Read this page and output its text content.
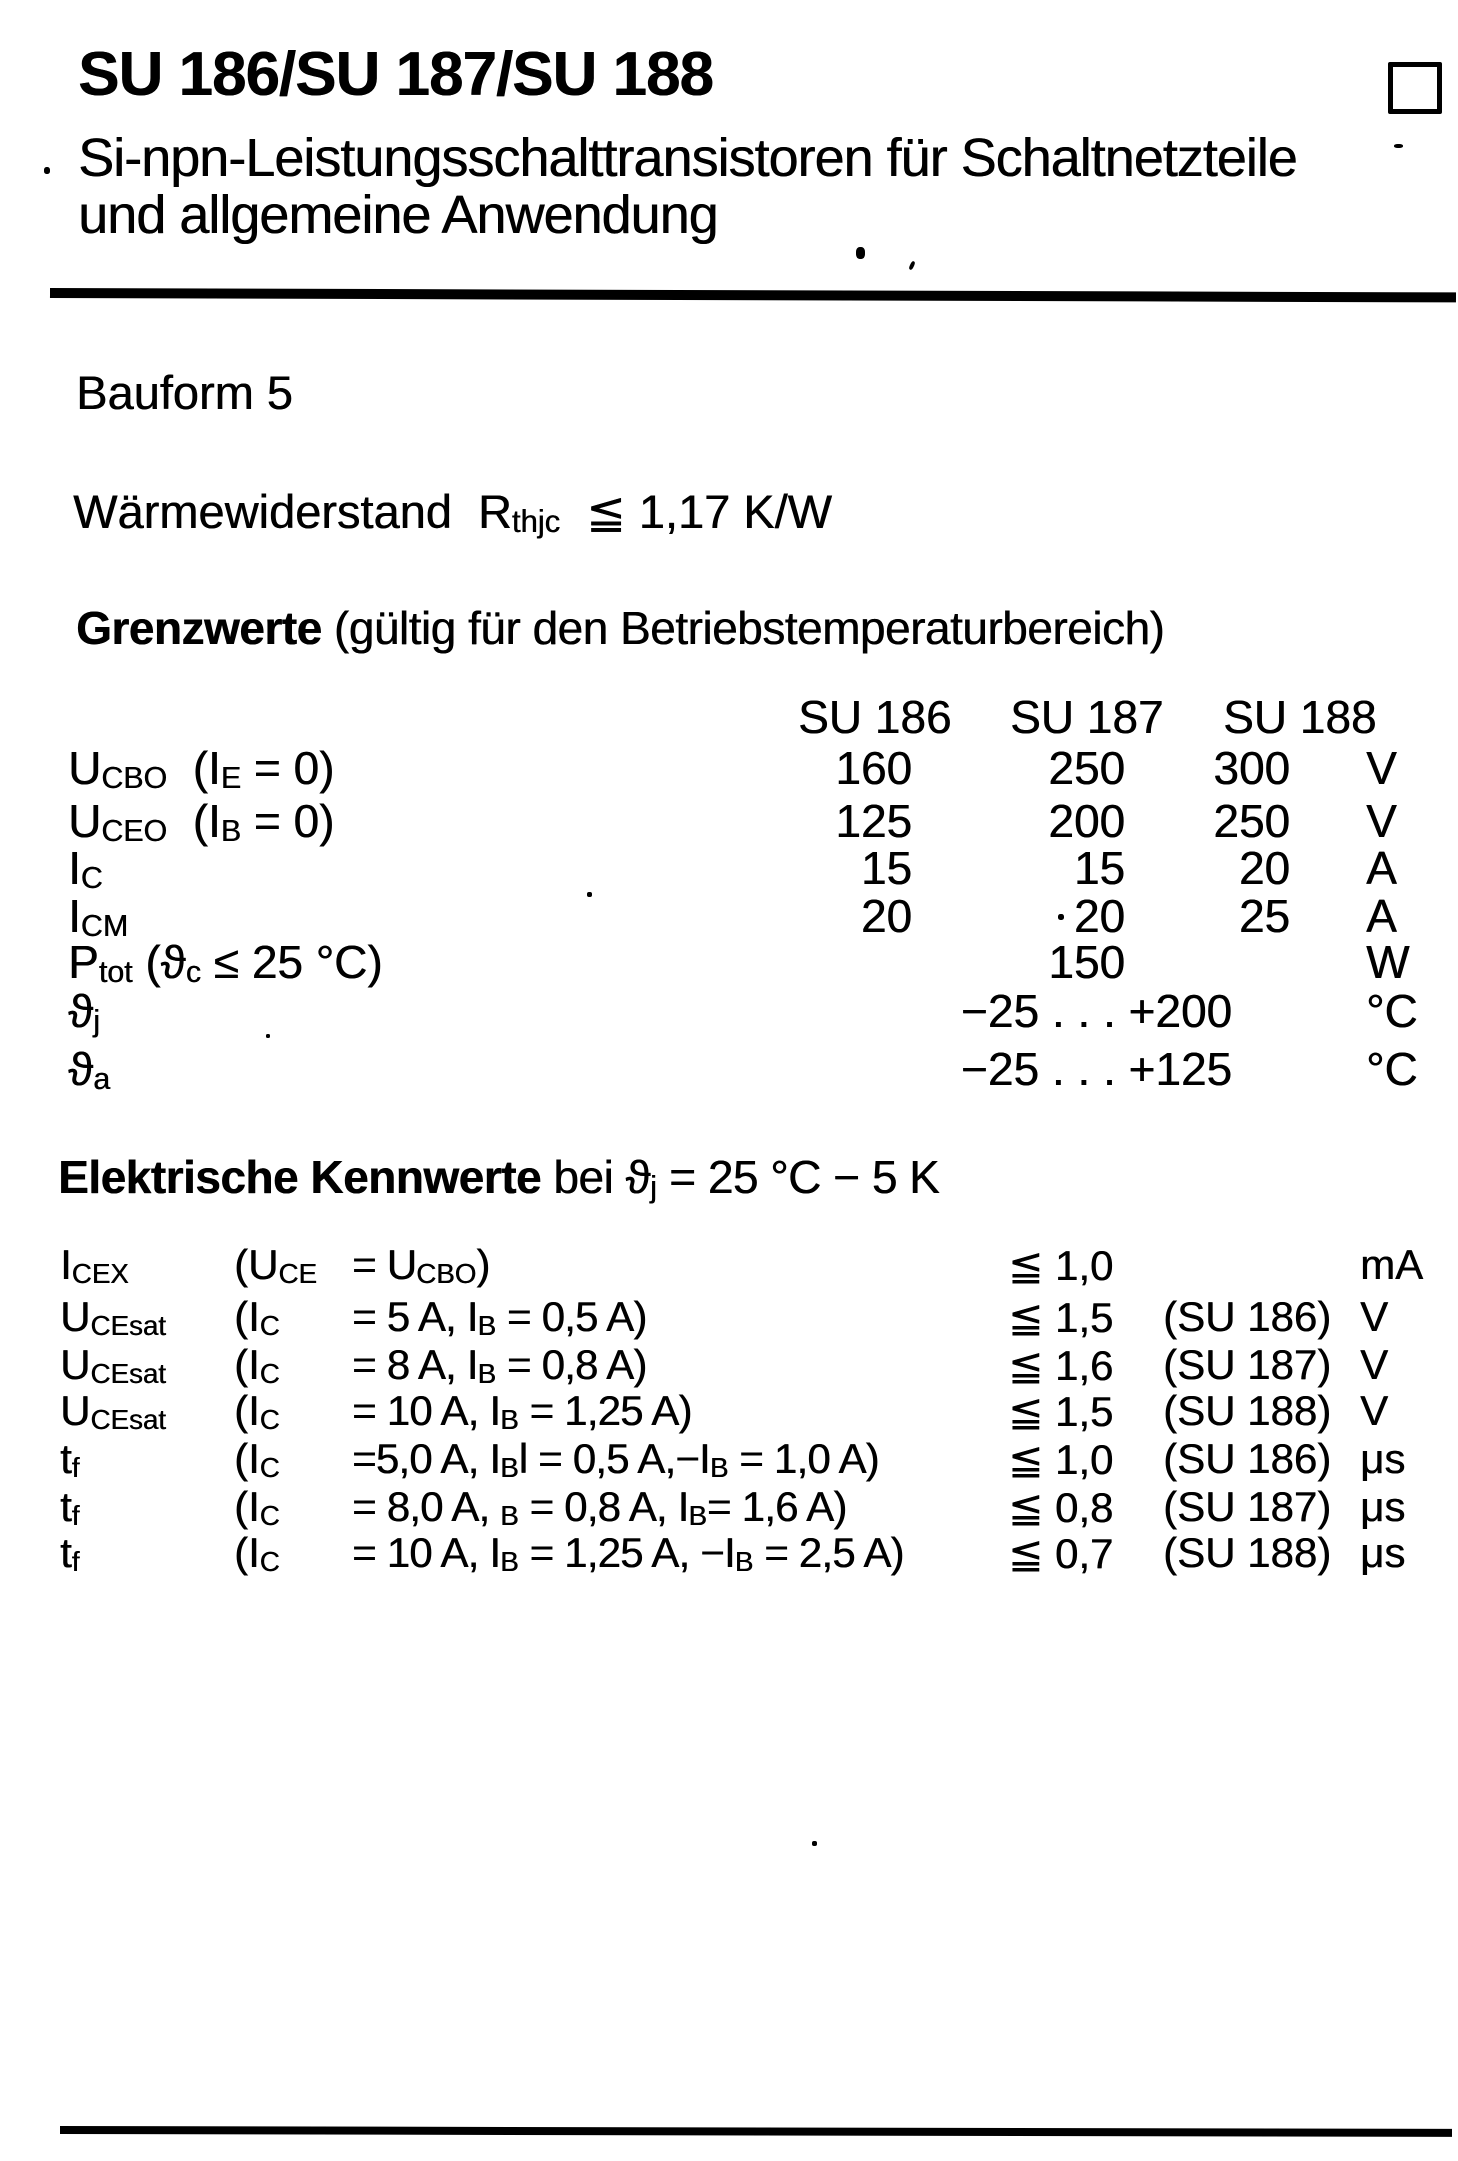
SU 186/SU 187/SU 188
Si-npn-Leistungsschalttransistoren für Schaltnetzteile
und allgemeine Anwendung
Bauform 5
Wärmewiderstand  $R_{thjc}$  ≦ 1,17 K/W
Grenzwerte (gültig für den Betriebstemperaturbereich)
SU 186 SU 187 SU 188
$U_{CBO}$  $(I_E = 0)$	160	250	300 V
$U_{CEO}$  $(I_B = 0)$	125	200	250 V
$I_C$	15	15	20 A
$I_{CM}$	20	20	25 A
$P_{tot}$ ($ϑ_c \le 25$ °C)	150	W
$ϑ_j$	−25 . . . +200	°C
$ϑ_a$	−25 . . . +125	°C
Elektrische Kennwerte bei $ϑ_j = 25$ °C − 5 K
$I_{CEX}$	$(U_{CE} = U_{CBO})$	≦ 1,0	mA
$U_{CEsat}$ ($I_C = 5$ A, $I_B = 0,5$ A)	≦ 1,5 (SU 186) V
$U_{CEsat}$ ($I_C = 8$ A, $I_B = 0,8$ A)	≦ 1,6 (SU 187) V
$U_{CEsat}$ ($I_C = 10$ A, $I_B = 1,25$ A)	≦ 1,5 (SU 188) V
$t_f$	($I_C =5,0$ A, $I_Bl = 0,5$ $A,-I_B = 1,0$ A)	≦ 1,0 (SU 186) μs
$t_f$	($I_C = 8,0$ A, $_B$ = 0,8 A, $I_B= 1,6$ A)	≦ 0,8 (SU 187) μs
$t_f$	($I_C = 10$ A, $I_B = 1,25$ A, $-I_B = 2,5$ A) ≦ 0,7 (SU 188) μs
